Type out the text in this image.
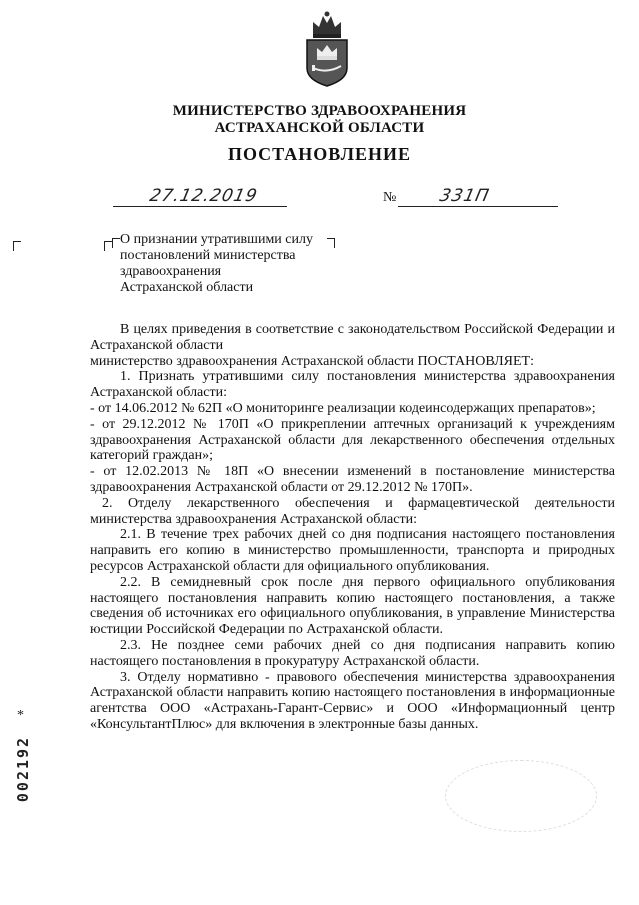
МИНИСТЕРСТВО ЗДРАВООХРАНЕНИЯ
АСТРАХАНСКОЙ ОБЛАСТИ
ПОСТАНОВЛЕНИЕ
27.12.2019	№ 331П
О признании утратившими силу
постановлений министерства
здравоохранения
Астраханской области

В целях приведения в соответствие с законодательством Российской Федерации и Астраханской области

министерство здравоохранения Астраханской области ПОСТАНОВЛЯЕТ:

1. Признать утратившими силу постановления министерства здравоохранения Астраханской области:

- от 14.06.2012 № 62П «О мониторинге реализации кодеинсодержащих препаратов»;

- от 29.12.2012 № 170П «О прикреплении аптечных организаций к учреждениям здравоохранения Астраханской области для лекарственного обеспечения отдельных категорий граждан»;

- от 12.02.2013 № 18П «О внесении изменений в постановление министерства здравоохранения Астраханской области от 29.12.2012 № 170П».

2. Отделу лекарственного обеспечения и фармацевтической деятельности министерства здравоохранения Астраханской области:

2.1. В течение трех рабочих дней со дня подписания настоящего постановления направить его копию в министерство промышленности, транспорта и природных ресурсов Астраханской области для официального опубликования.

2.2. В семидневный срок после дня первого официального опубликования настоящего постановления направить копию настоящего постановления, а также сведения об источниках его официального опубликования, в управление Министерства юстиции Российской Федерации по Астраханской области.

2.3. Не позднее семи рабочих дней со дня подписания направить копию настоящего постановления в прокуратуру Астраханской области.

3. Отделу нормативно - правового обеспечения министерства здравоохранения Астраханской области направить копию настоящего постановления в информационные агентства ООО «Астрахань-Гарант-Сервис» и ООО «Информационный центр «КонсультантПлюс» для включения в электронные базы данных.

*
002192
